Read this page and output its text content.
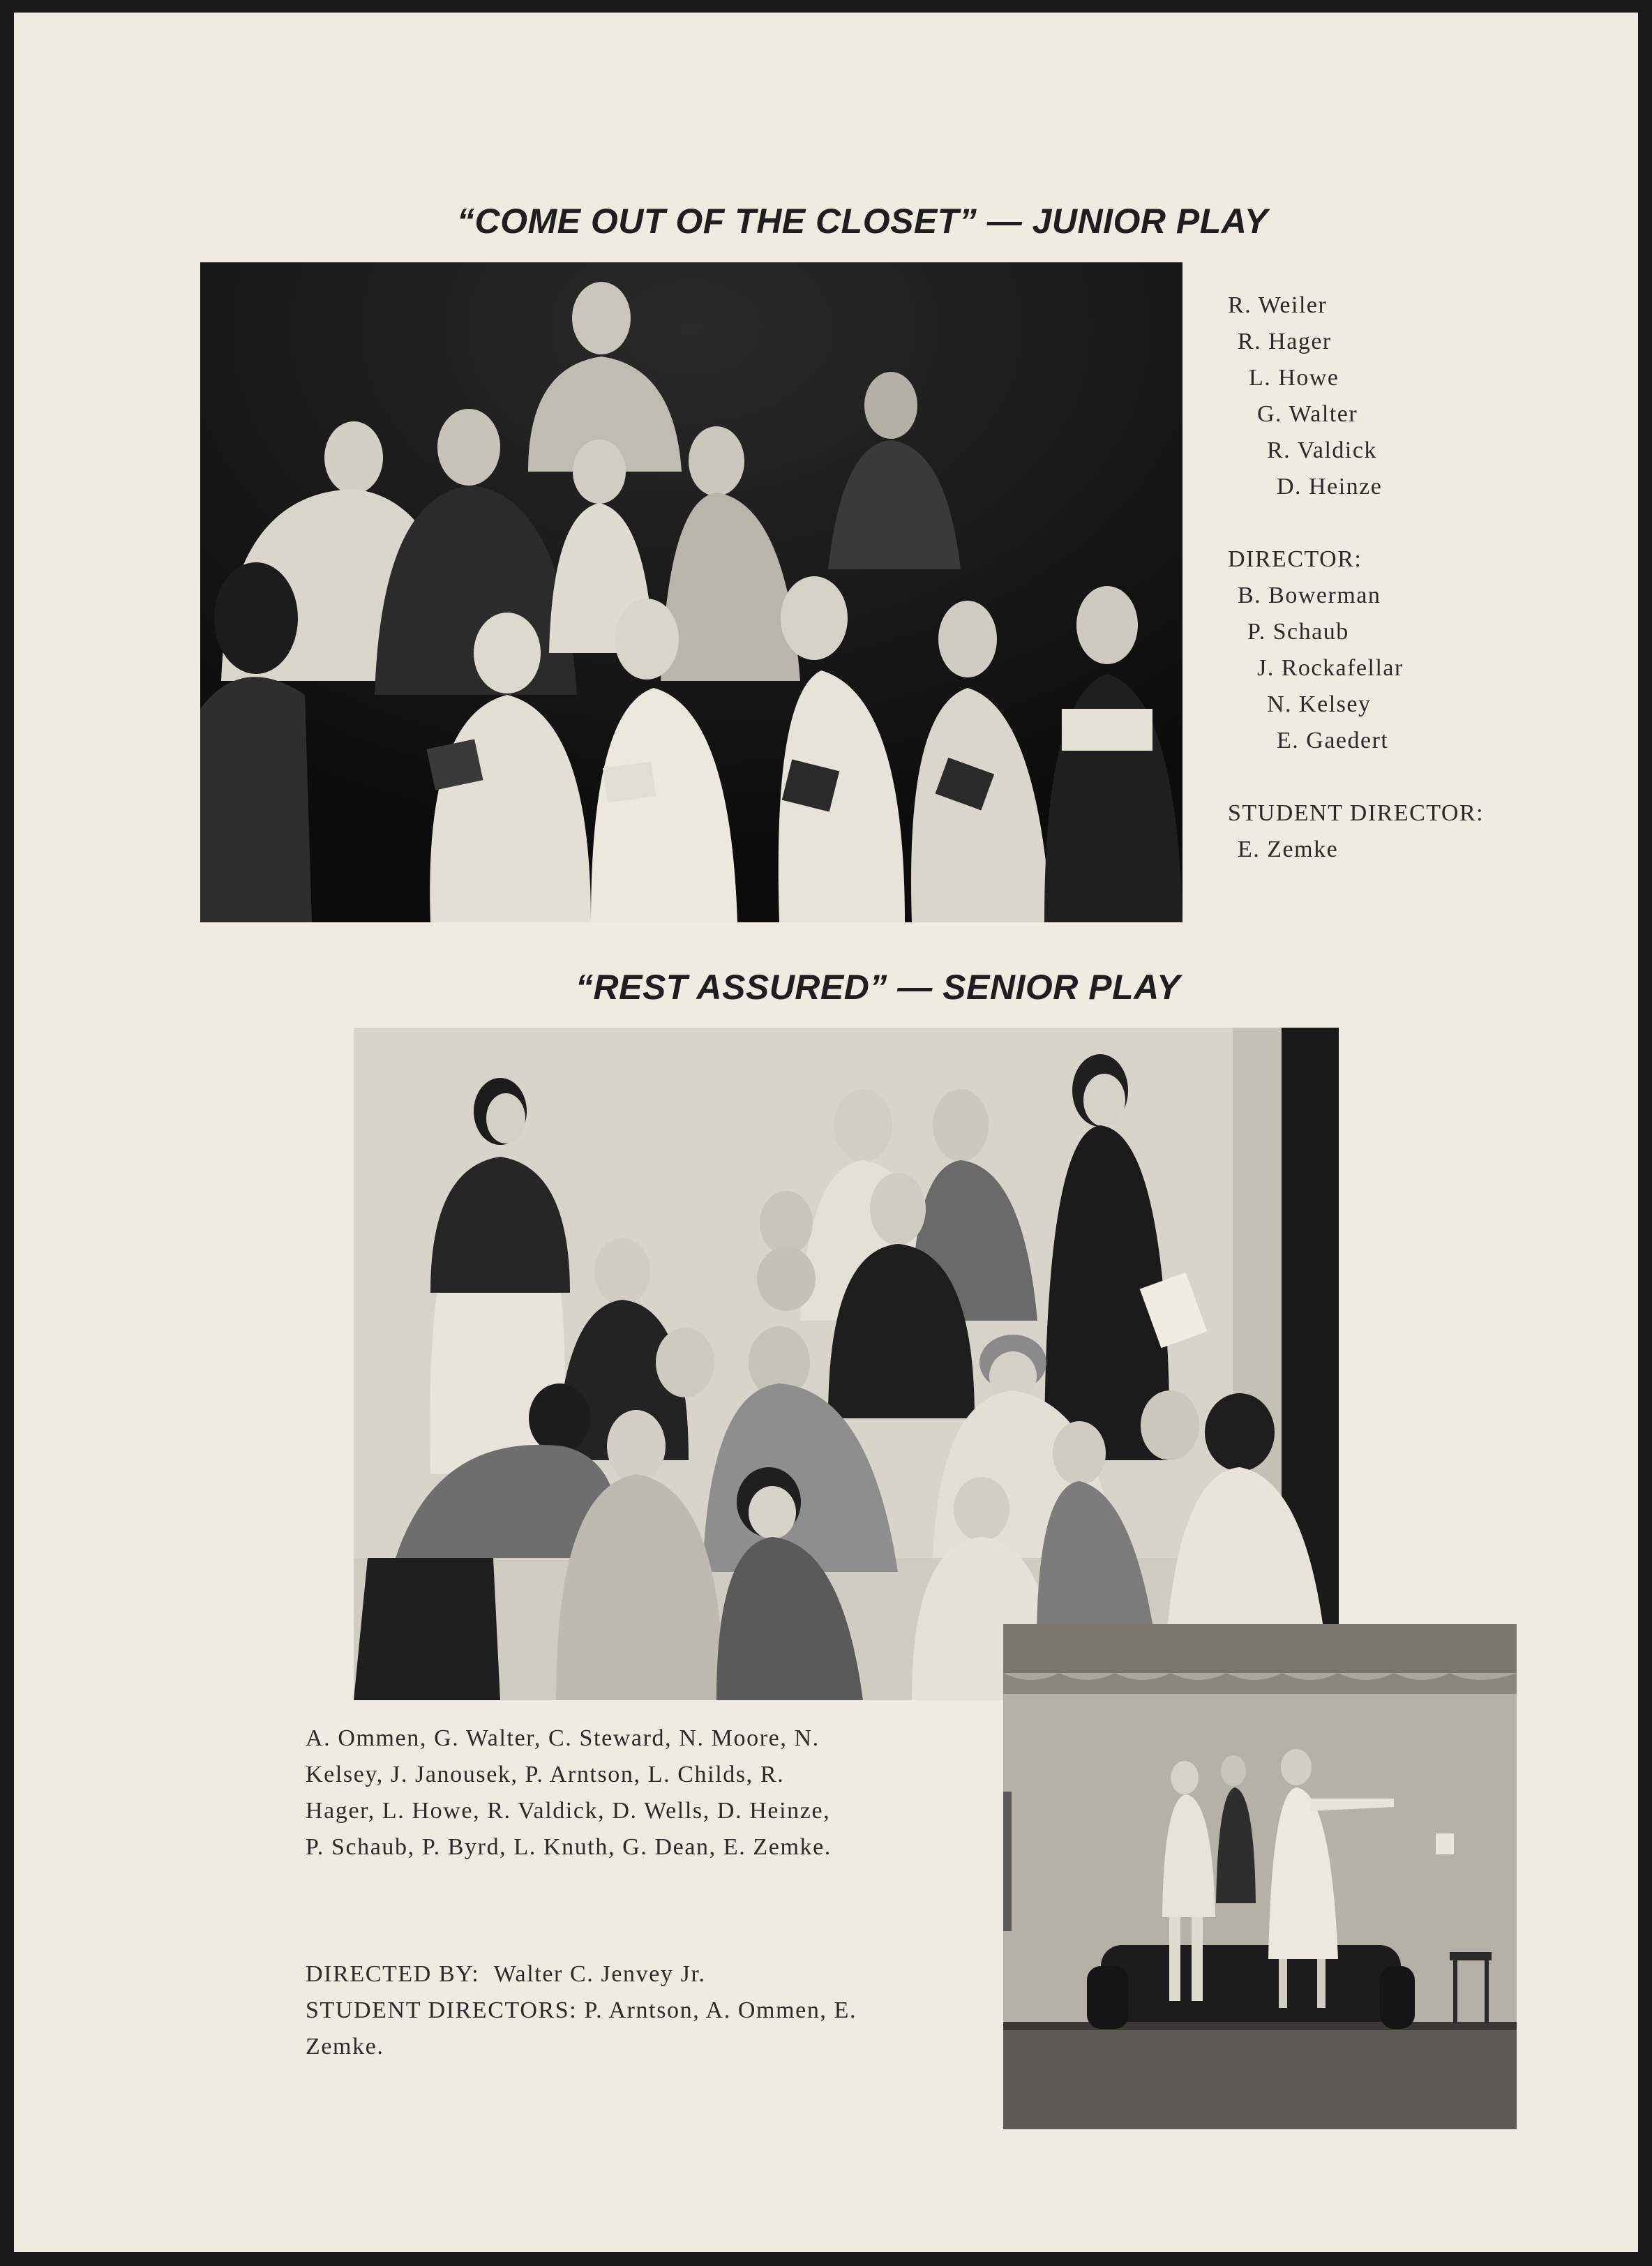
“COME OUT OF THE CLOSET” — JUNIOR PLAY
R. Weiler
R. Hager
L. Howe
G. Walter
R. Valdick
D. Heinze
DIRECTOR:
B. Bowerman
P. Schaub
J. Rockafellar
N. Kelsey
E. Gaedert
STUDENT DIRECTOR:
E. Zemke
“REST ASSURED” — SENIOR PLAY
A. Ommen, G. Walter, C. Steward, N. Moore, N.
Kelsey, J. Janousek, P. Arntson, L. Childs, R.
Hager, L. Howe, R. Valdick, D. Wells, D. Heinze,
P. Schaub, P. Byrd, L. Knuth, G. Dean, E. Zemke.
DIRECTED BY: Walter C. Jenvey Jr.
STUDENT DIRECTORS: P. Arntson, A. Ommen, E.
Zemke.
